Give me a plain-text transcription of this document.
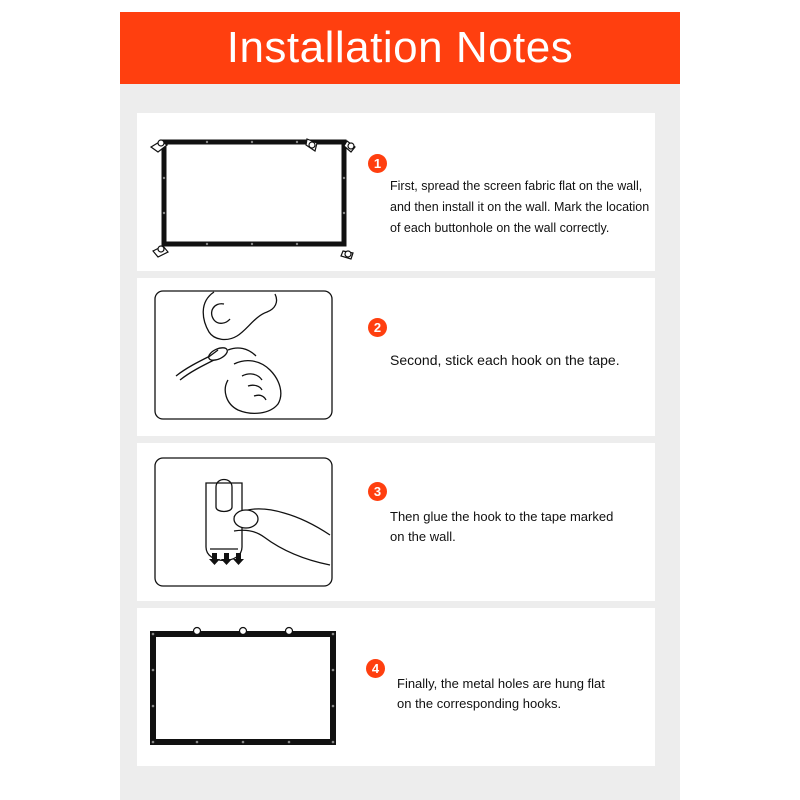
Installation Notes
1
First, spread the screen fabric flat on the wall,
and then install it on the wall. Mark the location
of each buttonhole on the wall correctly.
2
Second, stick each hook on the tape.
3
Then glue the hook to the tape marked
on the wall.
4
Finally, the metal holes are hung flat
on the corresponding hooks.
